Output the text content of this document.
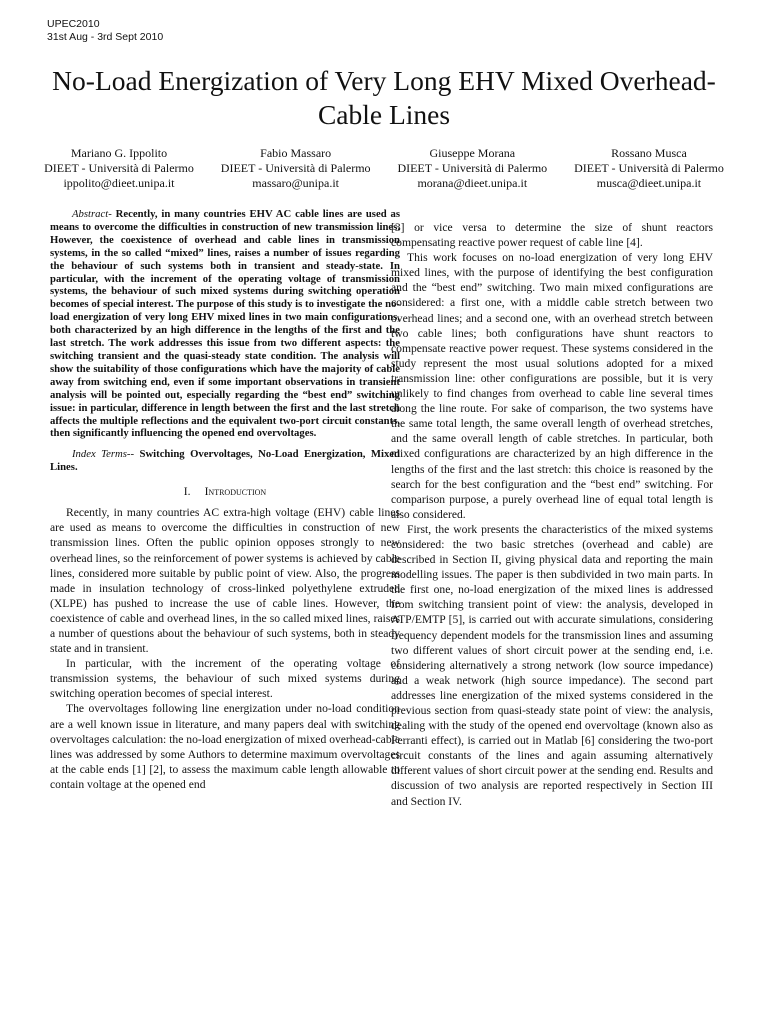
UPEC2010
31st Aug - 3rd Sept 2010
No-Load Energization of Very Long EHV Mixed Overhead-Cable Lines
Mariano G. Ippolito
DIEET - Università di Palermo
ippolito@dieet.unipa.it
Fabio Massaro
DIEET - Università di Palermo
massaro@unipa.it
Giuseppe Morana
DIEET - Università di Palermo
morana@dieet.unipa.it
Rossano Musca
DIEET - Università di Palermo
musca@dieet.unipa.it

Abstract- Recently, in many countries EHV AC cable lines are used as means to overcome the difficulties in construction of new transmission lines. However, the coexistence of overhead and cable lines in transmission systems, in the so called “mixed” lines, raises a number of issues regarding the behaviour of such systems both in transient and steady-state. In particular, with the increment of the operating voltage of transmission systems, the behaviour of such mixed systems during switching operation becomes of special interest. The purpose of this study is to investigate the no-load energization of very long EHV mixed lines in two main configurations, both characterized by an high difference in the lengths of the first and the last stretch. The work addresses this issue from two different aspects: the switching transient and the quasi-steady state condition. The analysis will show the suitability of those configurations which have the majority of cable away from switching end, even if some important observations in transient analysis will be pointed out, especially regarding the “best end” switching issue: in particular, difference in length between the first and the last stretch affects the multiple reflections and the equivalent two-port circuit constants, then significantly influencing the opened end overvoltages.

Index Terms-- Switching Overvoltages, No-Load Energization, Mixed Lines.

I. Introduction

Recently, in many countries AC extra-high voltage (EHV) cable lines are used as means to overcome the difficulties in construction of new transmission lines. Often the public opinion opposes strongly to new overhead lines, so the reinforcement of power systems is achieved by cable lines, considered more suitable by public point of view. Also, the progress made in insulation technology of cross-linked polyethylene extruded (XLPE) has pushed to increase the use of cable lines. However, the coexistence of cable and overhead lines, in the so called mixed lines, raises a number of questions about the behaviour of such systems, both in steady state and in transient.

In particular, with the increment of the operating voltage of transmission systems, the behaviour of such mixed systems during switching operation becomes of special interest.

The overvoltages following line energization under no-load condition are a well known issue in literature, and many papers deal with switching overvoltages calculation: the no-load energization of mixed overhead-cable lines was addressed by some Authors to determine maximum overvoltages at the cable ends [1] [2], to assess the maximum cable length allowable to contain voltage at the opened end

[3] or vice versa to determine the size of shunt reactors compensating reactive power request of cable line [4].

This work focuses on no-load energization of very long EHV mixed lines, with the purpose of identifying the best configuration and the “best end” switching. Two main mixed configurations are considered: a first one, with a middle cable stretch between two overhead lines; and a second one, with an overhead stretch between two cable lines; both configurations have shunt reactors to compensate reactive power request. These systems considered in the study represent the most usual solutions adopted for a mixed transmission line: other configurations are possible, but it is very unlikely to find changes from overhead to cable line several times along the line route. For sake of comparison, the two systems have the same total length, the same overall length of overhead stretches, and the same overall length of cable stretches. In particular, both mixed configurations are characterized by an high difference in the lengths of the first and the last stretch: this choice is reasoned by the search for the best configuration and the “best end” switching. For comparison purpose, a purely overhead line of equal total length is also considered.

First, the work presents the characteristics of the mixed systems considered: the two basic stretches (overhead and cable) are described in Section II, giving physical data and reporting the main modelling issues. The paper is then subdivided in two main parts. In the first one, no-load energization of the mixed lines is addressed from switching transient point of view: the analysis, developed in ATP/EMTP [5], is carried out with accurate simulations, considering frequency dependent models for the transmission lines and assuming two different values of short circuit power at the sending end, i.e. considering alternatively a strong network (low source impedance) and a weak network (high source impedance). The second part addresses line energization of the mixed systems considered in the previous section from quasi-steady state point of view: the analysis, dealing with the study of the opened end overvoltage (known also as Ferranti effect), is carried out in Matlab [6] considering the two-port circuit constants of the lines and again assuming alternatively different values of short circuit power at the sending end. Results and discussion of two analysis are reported respectively in Section III and Section IV.
